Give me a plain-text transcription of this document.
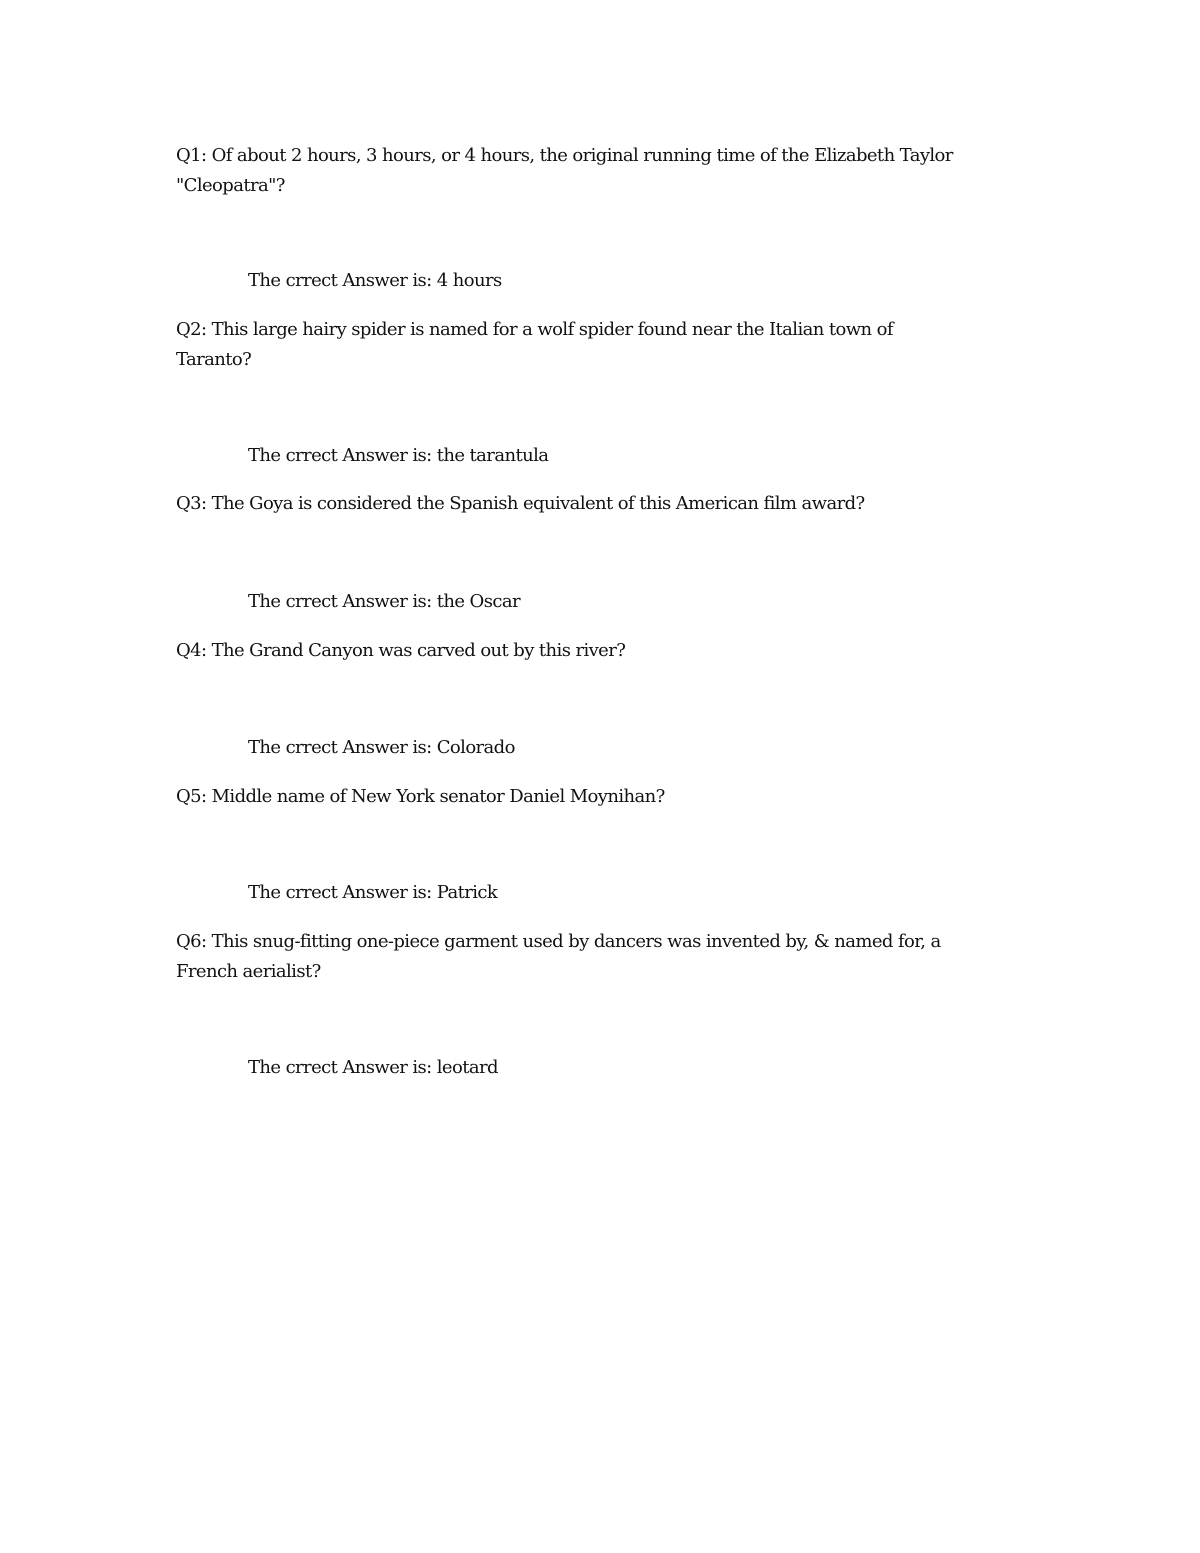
Q1: Of about 2 hours, 3 hours, or 4 hours, the original running time of the Elizabeth Taylor
"Cleopatra"?
The crrect Answer is: 4 hours
Q2: This large hairy spider is named for a wolf spider found near the Italian town of
Taranto?
The crrect Answer is: the tarantula
Q3: The Goya is considered the Spanish equivalent of this American film award?
The crrect Answer is: the Oscar
Q4: The Grand Canyon was carved out by this river?
The crrect Answer is: Colorado
Q5: Middle name of New York senator Daniel Moynihan?
The crrect Answer is: Patrick
Q6: This snug-fitting one-piece garment used by dancers was invented by, & named for, a
French aerialist?
The crrect Answer is: leotard
